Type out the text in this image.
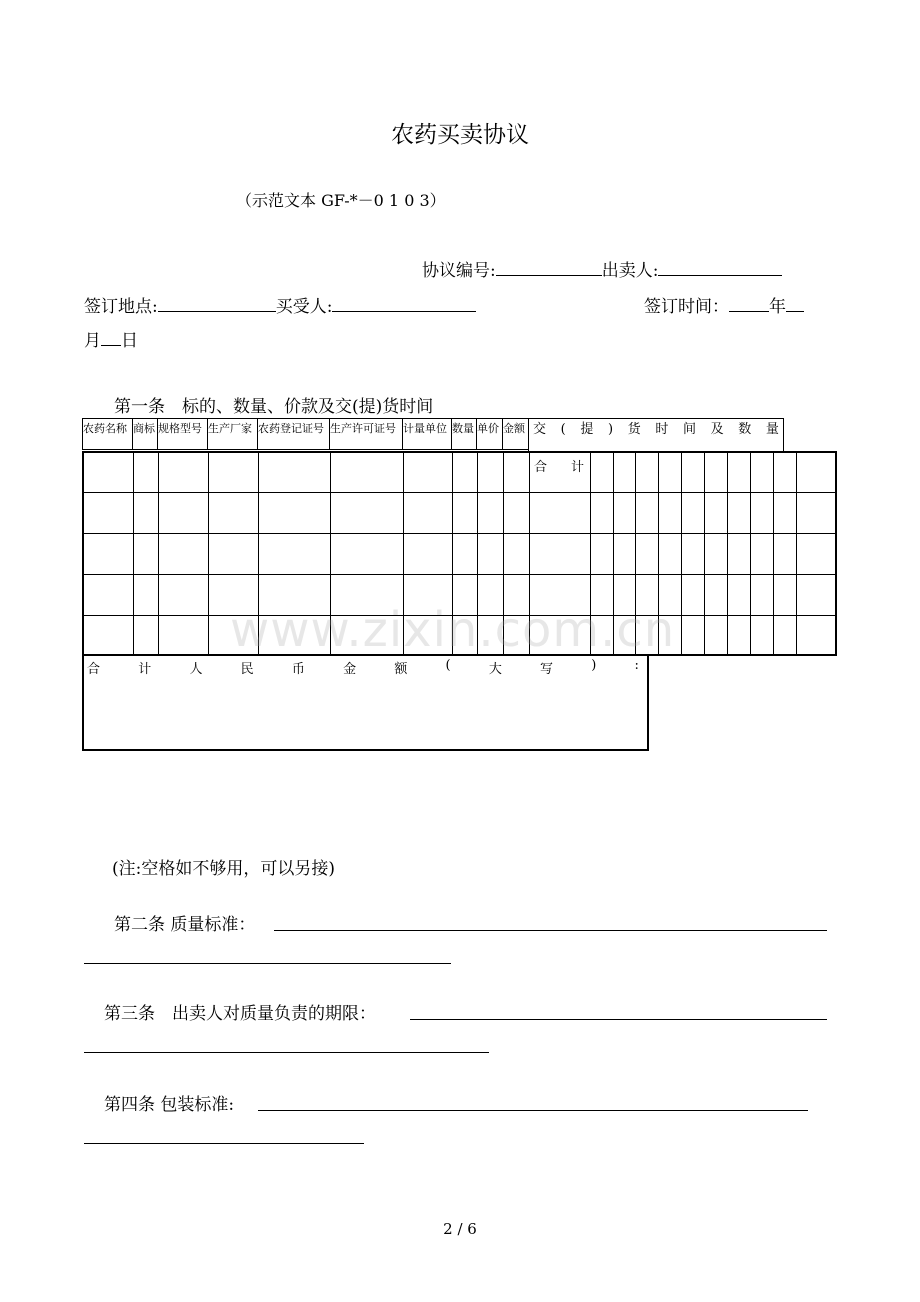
农药买卖协议
（示范文本 GF-*－0 1 0 3）
协议编号:	出卖人:
签订地点:	买受人:	签订时间： 年
月 日
第一条　标的、数量、价款及交(提)货时间
农药名称 商标 规格型号 生产厂家 农药登记证号 生产许可证号 计量单位 数量 单价 金额 交 ( 提 ) 货 时 间 及 数 量
合 计
合	计	人	民	币	金	额	(	大	写	)	:
www.zixin.com.cn
(注:空格如不够用，可以另接)
第二条 质量标准：
第三条　出卖人对质量负责的期限：
第四条 包装标准:
2 / 6
